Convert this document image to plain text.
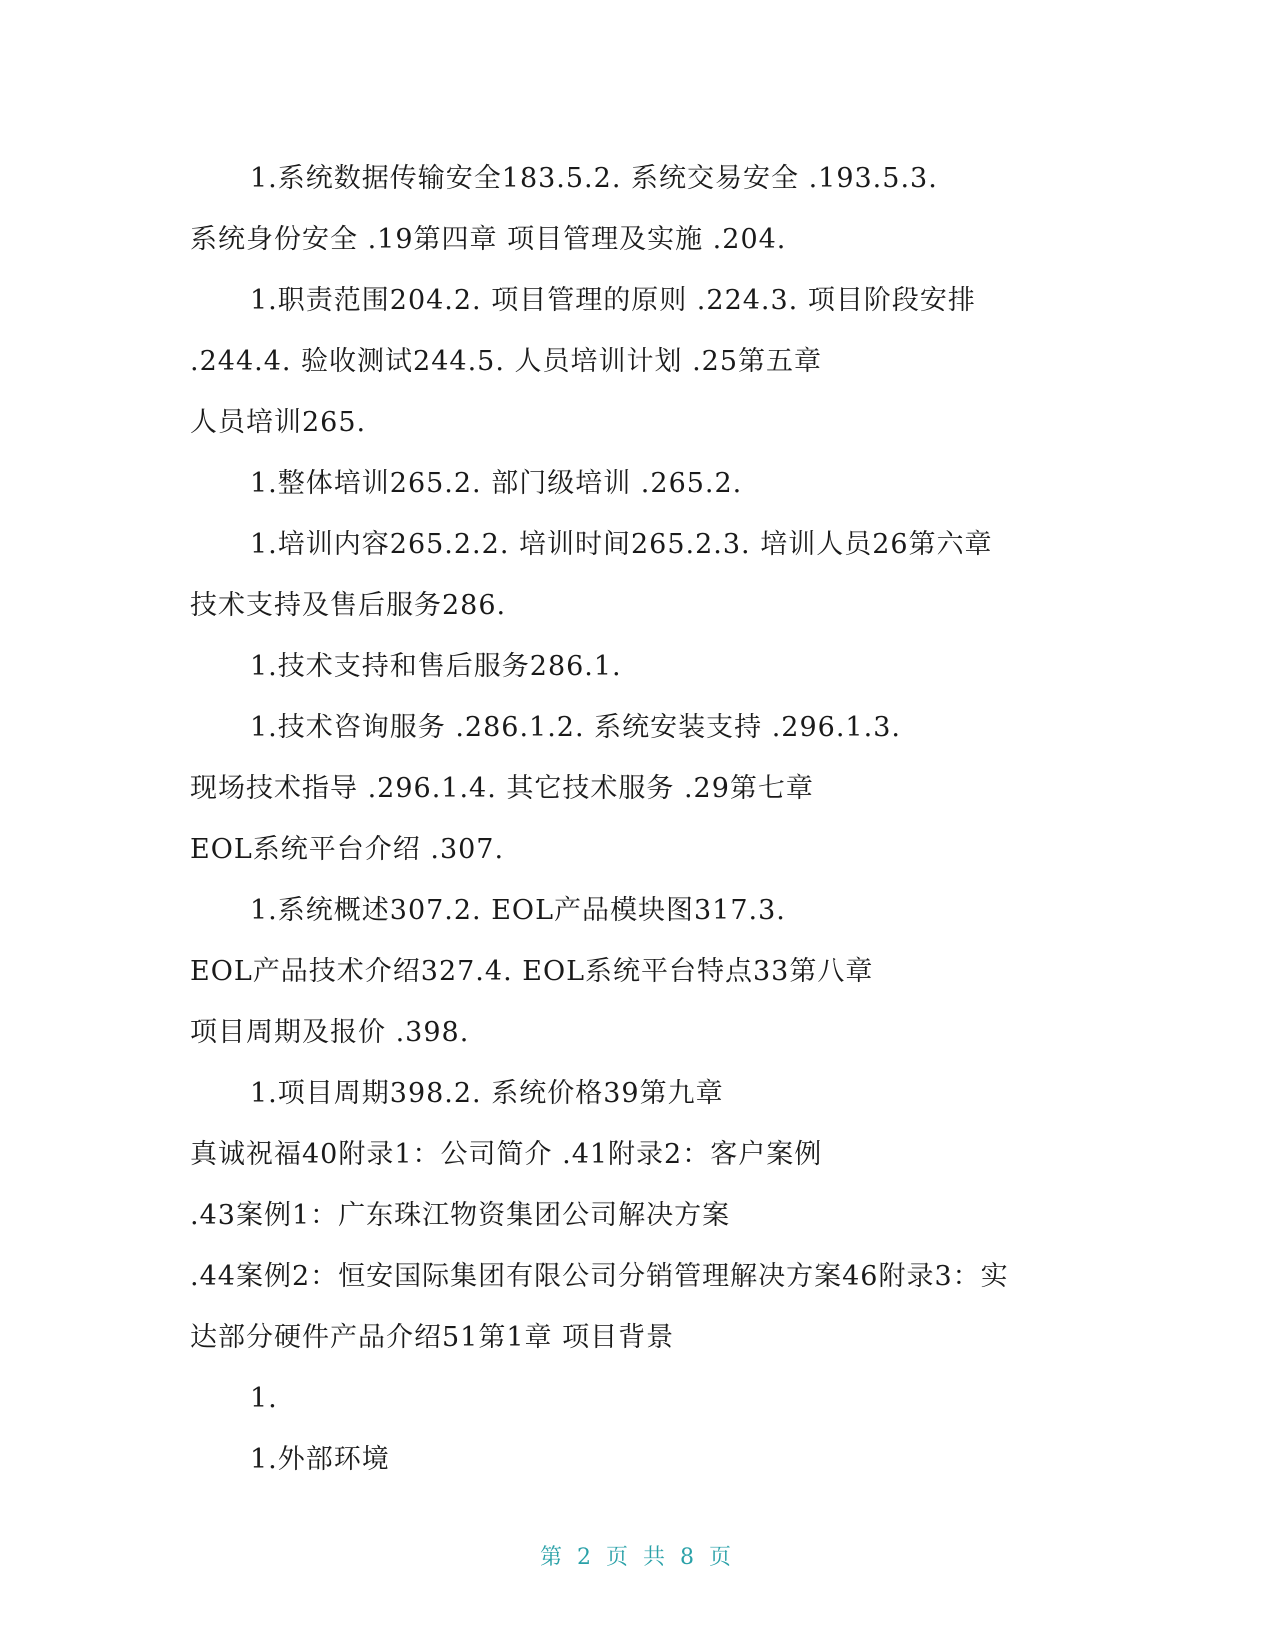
1.系统数据传输安全183.5.2. 系统交易安全 .193.5.3.
系统身份安全 .19第四章 项目管理及实施 .204.
1.职责范围204.2. 项目管理的原则 .224.3. 项目阶段安排
.244.4. 验收测试244.5. 人员培训计划 .25第五章
人员培训265.
1.整体培训265.2. 部门级培训 .265.2.
1.培训内容265.2.2. 培训时间265.2.3. 培训人员26第六章
技术支持及售后服务286.
1.技术支持和售后服务286.1.
1.技术咨询服务 .286.1.2. 系统安装支持 .296.1.3.
现场技术指导 .296.1.4. 其它技术服务 .29第七章
EOL系统平台介绍 .307.
1.系统概述307.2. EOL产品模块图317.3.
EOL产品技术介绍327.4. EOL系统平台特点33第八章
项目周期及报价 .398.
1.项目周期398.2. 系统价格39第九章
真诚祝福40附录1：公司简介 .41附录2：客户案例
.43案例1：广东珠江物资集团公司解决方案
.44案例2：恒安国际集团有限公司分销管理解决方案46附录3：实
达部分硬件产品介绍51第1章 项目背景
1.
1.外部环境
第 2 页 共 8 页
